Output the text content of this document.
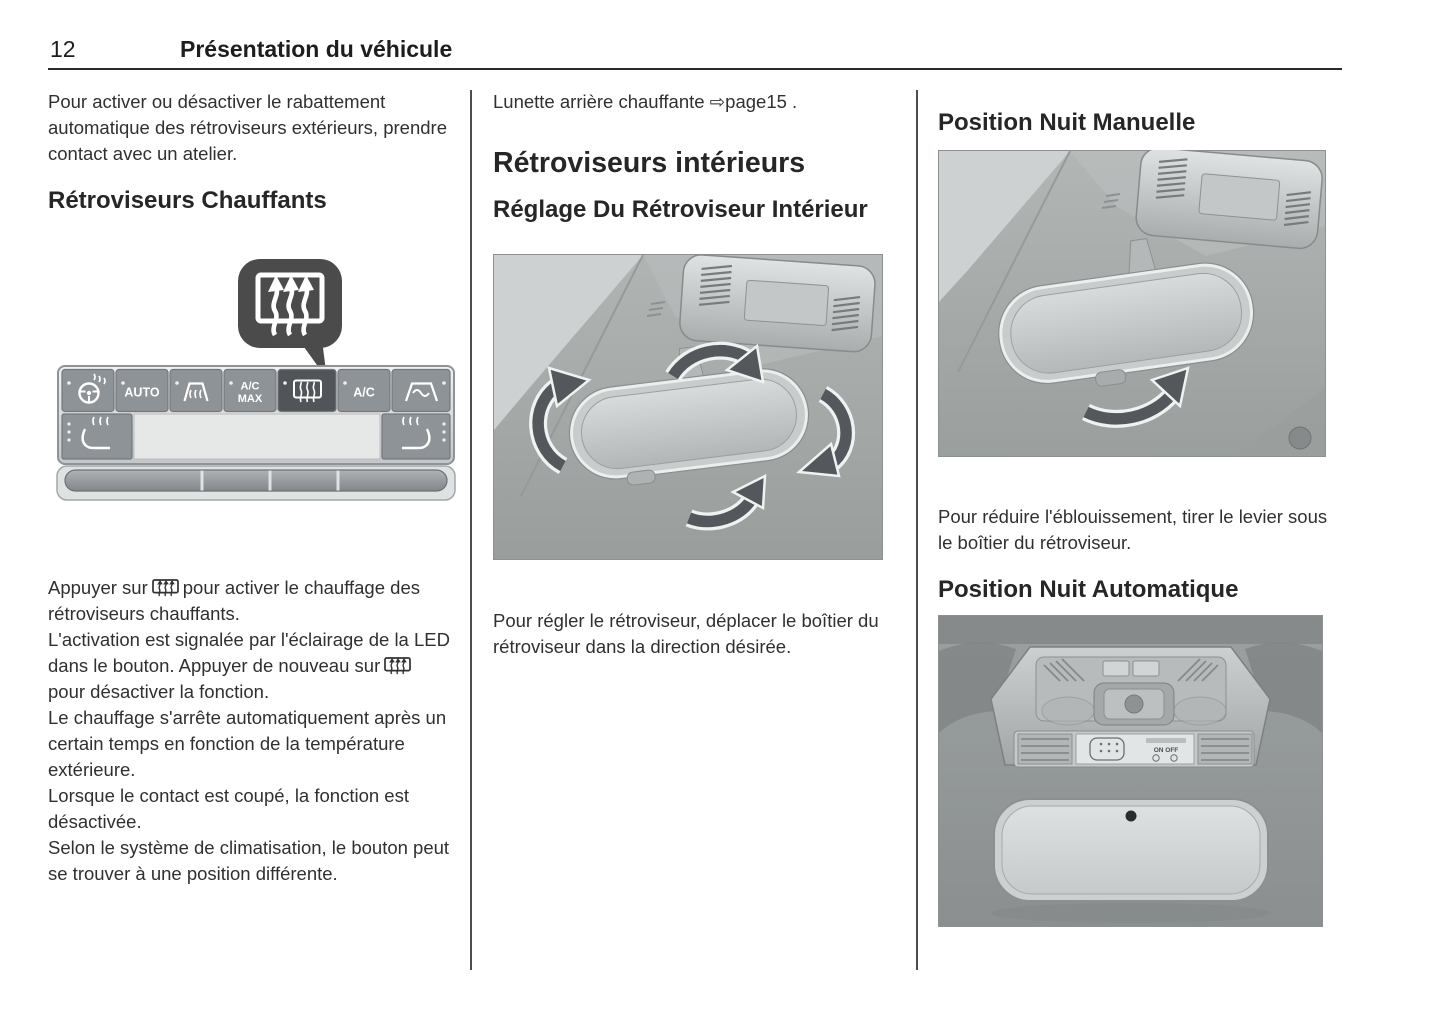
12	Présentation du véhicule

Pour activer ou désactiver le rabattement automatique des rétroviseurs extérieurs, prendre contact avec un atelier.

Rétroviseurs Chauffants
AUTO	A/C
MAX	A/C

Appuyer sur pour activer le chauffage des rétroviseurs chauffants.

L'activation est signalée par l'éclairage de la LED dans le bouton. Appuyer de nouveau surpour désactiver la fonction.

Le chauffage s'arrête automatiquement après un certain temps en fonction de la température extérieure.

Lorsque le contact est coupé, la fonction est désactivée.

Selon le système de climatisation, le bouton peut se trouver à une position différente.

Lunette arrière chauffante ⇨page15 .

Rétroviseurs intérieurs
Réglage Du Rétroviseur Intérieur

Pour régler le rétroviseur, déplacer le boîtier du rétroviseur dans la direction désirée.

Position Nuit Manuelle

Pour réduire l'éblouissement, tirer le levier sous le boîtier du rétroviseur.

Position Nuit Automatique
ON OFF
